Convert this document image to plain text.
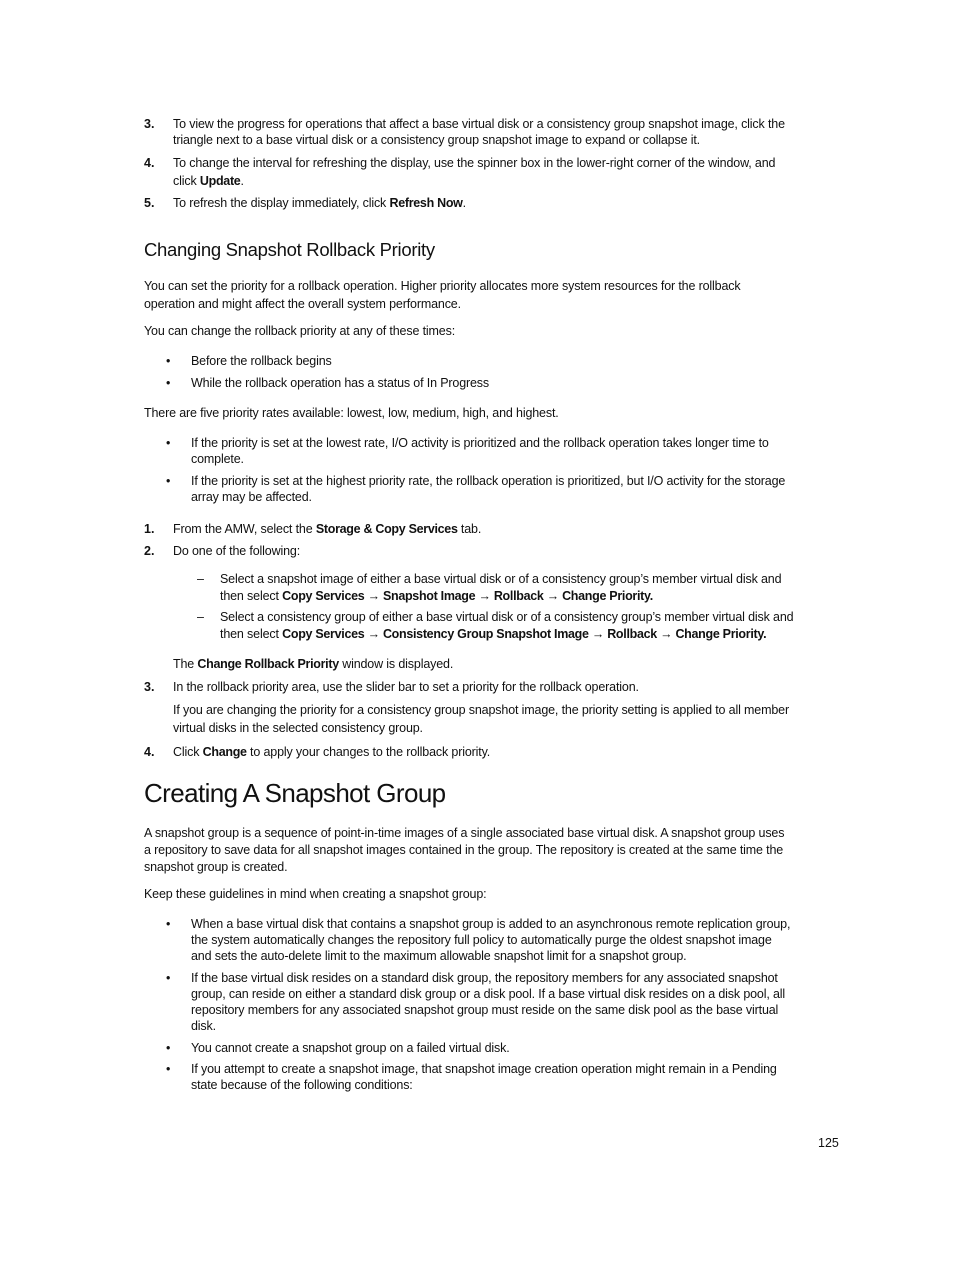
3. To view the progress for operations that affect a base virtual disk or a consistency group snapshot image, click the
triangle next to a base virtual disk or a consistency group snapshot image to expand or collapse it.
4. To change the interval for refreshing the display, use the spinner box in the lower-right corner of the window, and
click Update.
5. To refresh the display immediately, click Refresh Now.
Changing Snapshot Rollback Priority
You can set the priority for a rollback operation. Higher priority allocates more system resources for the rollback
operation and might affect the overall system performance.
You can change the rollback priority at any of these times:
• Before the rollback begins
• While the rollback operation has a status of In Progress
There are five priority rates available: lowest, low, medium, high, and highest.
• If the priority is set at the lowest rate, I/O activity is prioritized and the rollback operation takes longer time to
complete.
• If the priority is set at the highest priority rate, the rollback operation is prioritized, but I/O activity for the storage
array may be affected.
1. From the AMW, select the Storage & Copy Services tab.
2. Do one of the following:
– Select a snapshot image of either a base virtual disk or of a consistency group’s member virtual disk and
then select Copy Services → Snapshot Image → Rollback → Change Priority.
– Select a consistency group of either a base virtual disk or of a consistency group’s member virtual disk and
then select Copy Services → Consistency Group Snapshot Image → Rollback → Change Priority.
The Change Rollback Priority window is displayed.
3. In the rollback priority area, use the slider bar to set a priority for the rollback operation.
If you are changing the priority for a consistency group snapshot image, the priority setting is applied to all member
virtual disks in the selected consistency group.
4. Click Change to apply your changes to the rollback priority.
Creating A Snapshot Group
A snapshot group is a sequence of point-in-time images of a single associated base virtual disk. A snapshot group uses
a repository to save data for all snapshot images contained in the group. The repository is created at the same time the
snapshot group is created.
Keep these guidelines in mind when creating a snapshot group:
• When a base virtual disk that contains a snapshot group is added to an asynchronous remote replication group,
the system automatically changes the repository full policy to automatically purge the oldest snapshot image
and sets the auto-delete limit to the maximum allowable snapshot limit for a snapshot group.
• If the base virtual disk resides on a standard disk group, the repository members for any associated snapshot
group, can reside on either a standard disk group or a disk pool. If a base virtual disk resides on a disk pool, all
repository members for any associated snapshot group must reside on the same disk pool as the base virtual
disk.
• You cannot create a snapshot group on a failed virtual disk.
• If you attempt to create a snapshot image, that snapshot image creation operation might remain in a Pending
state because of the following conditions:
125
